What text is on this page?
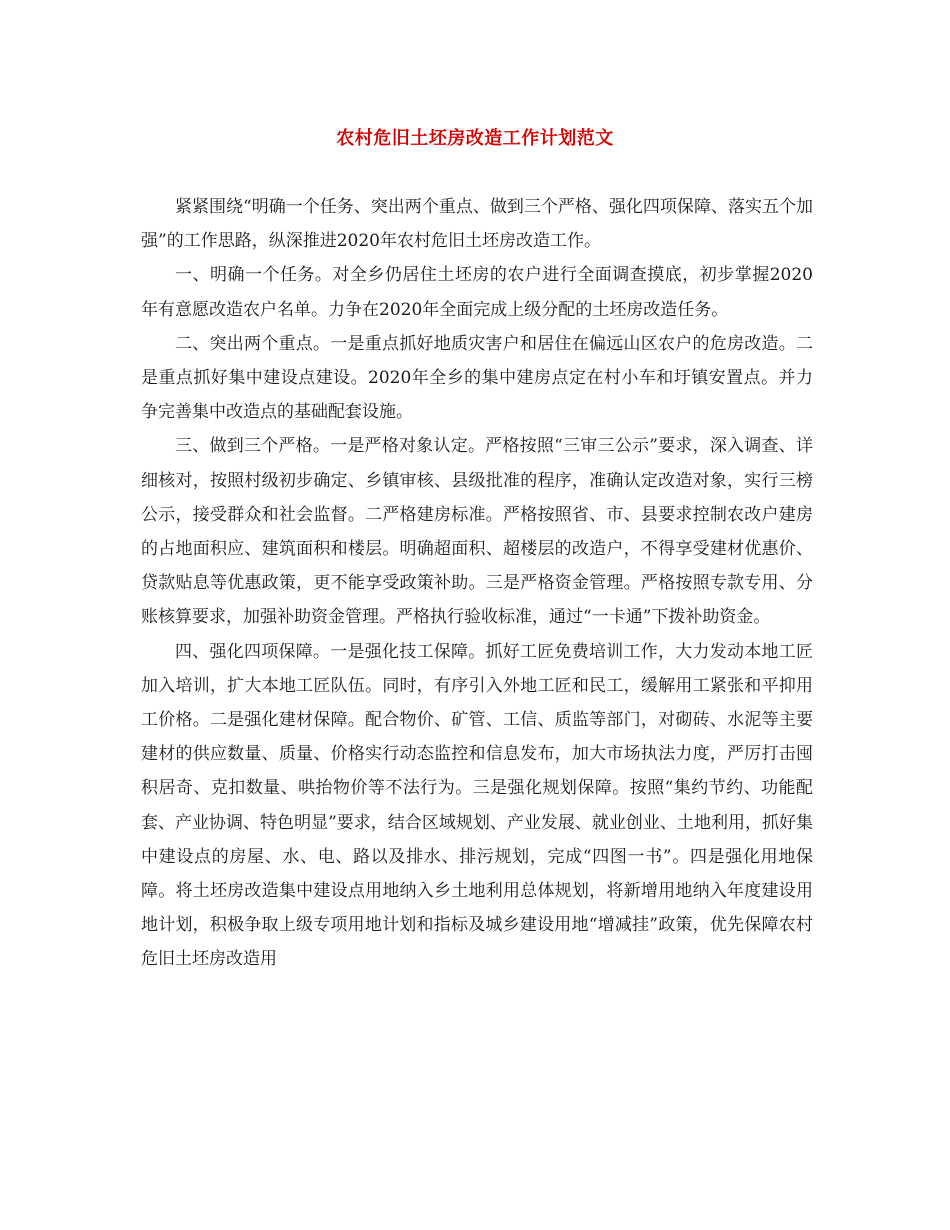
农村危旧土坯房改造工作计划范文

紧紧围绕“明确一个任务、突出两个重点、做到三个严格、强化四项保障、落实五个加强”的工作思路，纵深推进2020年农村危旧土坯房改造工作。

一、明确一个任务。对全乡仍居住土坯房的农户进行全面调查摸底，初步掌握2020年有意愿改造农户名单。力争在2020年全面完成上级分配的土坯房改造任务。

二、突出两个重点。一是重点抓好地质灾害户和居住在偏远山区农户的危房改造。二是重点抓好集中建设点建设。2020年全乡的集中建房点定在村小车和圩镇安置点。并力争完善集中改造点的基础配套设施。

三、做到三个严格。一是严格对象认定。严格按照“三审三公示”要求，深入调查、详细核对，按照村级初步确定、乡镇审核、县级批准的程序，准确认定改造对象，实行三榜公示，接受群众和社会监督。二严格建房标准。严格按照省、市、县要求控制农改户建房的占地面积应、建筑面积和楼层。明确超面积、超楼层的改造户，不得享受建材优惠价、贷款贴息等优惠政策，更不能享受政策补助。三是严格资金管理。严格按照专款专用、分账核算要求，加强补助资金管理。严格执行验收标准，通过“一卡通”下拨补助资金。

四、强化四项保障。一是强化技工保障。抓好工匠免费培训工作，大力发动本地工匠加入培训，扩大本地工匠队伍。同时，有序引入外地工匠和民工，缓解用工紧张和平抑用工价格。二是强化建材保障。配合物价、矿管、工信、质监等部门，对砌砖、水泥等主要建材的供应数量、质量、价格实行动态监控和信息发布，加大市场执法力度，严厉打击囤积居奇、克扣数量、哄抬物价等不法行为。三是强化规划保障。按照“集约节约、功能配套、产业协调、特色明显”要求，结合区域规划、产业发展、就业创业、土地利用，抓好集中建设点的房屋、水、电、路以及排水、排污规划，完成“四图一书”。四是强化用地保障。将土坯房改造集中建设点用地纳入乡土地利用总体规划，将新增用地纳入年度建设用地计划，积极争取上级专项用地计划和指标及城乡建设用地“增减挂”政策，优先保障农村危旧土坯房改造用
